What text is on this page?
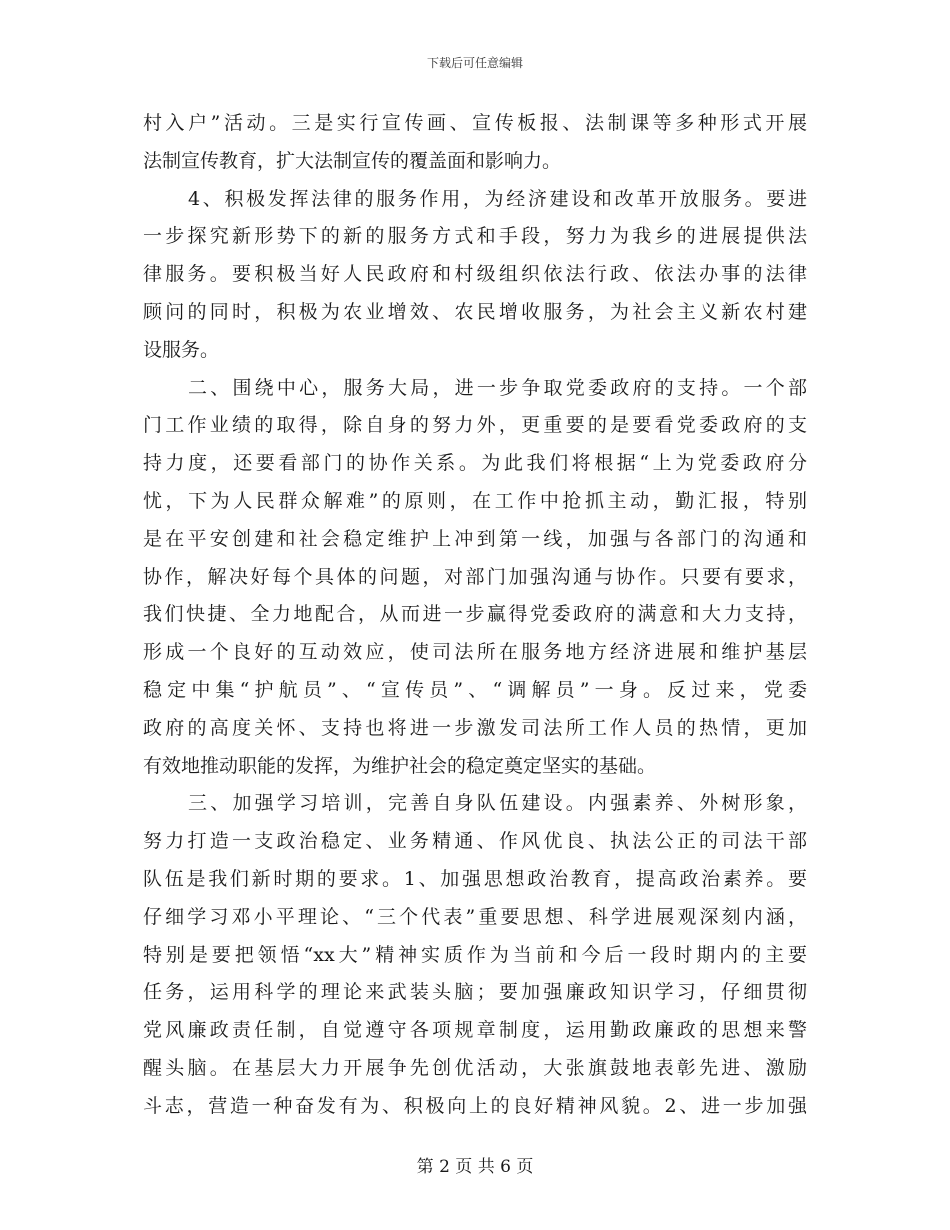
下载后可任意编辑
村入户”活动。三是实行宣传画、宣传板报、法制课等多种形式开展
法制宣传教育，扩大法制宣传的覆盖面和影响力。
4、积极发挥法律的服务作用，为经济建设和改革开放服务。要进
一步探究新形势下的新的服务方式和手段，努力为我乡的进展提供法
律服务。要积极当好人民政府和村级组织依法行政、依法办事的法律
顾问的同时，积极为农业增效、农民增收服务，为社会主义新农村建
设服务。
二、围绕中心，服务大局，进一步争取党委政府的支持。一个部
门工作业绩的取得，除自身的努力外，更重要的是要看党委政府的支
持力度，还要看部门的协作关系。为此我们将根据“上为党委政府分
忧，下为人民群众解难”的原则，在工作中抢抓主动，勤汇报，特别
是在平安创建和社会稳定维护上冲到第一线，加强与各部门的沟通和
协作，解决好每个具体的问题，对部门加强沟通与协作。只要有要求，
我们快捷、全力地配合，从而进一步赢得党委政府的满意和大力支持，
形成一个良好的互动效应，使司法所在服务地方经济进展和维护基层
稳定中集“护航员”、“宣传员”、“调解员”一身。反过来，党委
政府的高度关怀、支持也将进一步激发司法所工作人员的热情，更加
有效地推动职能的发挥，为维护社会的稳定奠定坚实的基础。
三、加强学习培训，完善自身队伍建设。内强素养、外树形象，
努力打造一支政治稳定、业务精通、作风优良、执法公正的司法干部
队伍是我们新时期的要求。1、加强思想政治教育，提高政治素养。要
仔细学习邓小平理论、“三个代表”重要思想、科学进展观深刻内涵，
特别是要把领悟“xx大”精神实质作为当前和今后一段时期内的主要
任务，运用科学的理论来武装头脑；要加强廉政知识学习，仔细贯彻
党风廉政责任制，自觉遵守各项规章制度，运用勤政廉政的思想来警
醒头脑。在基层大力开展争先创优活动，大张旗鼓地表彰先进、激励
斗志，营造一种奋发有为、积极向上的良好精神风貌。2、进一步加强
第 2 页 共 6 页
